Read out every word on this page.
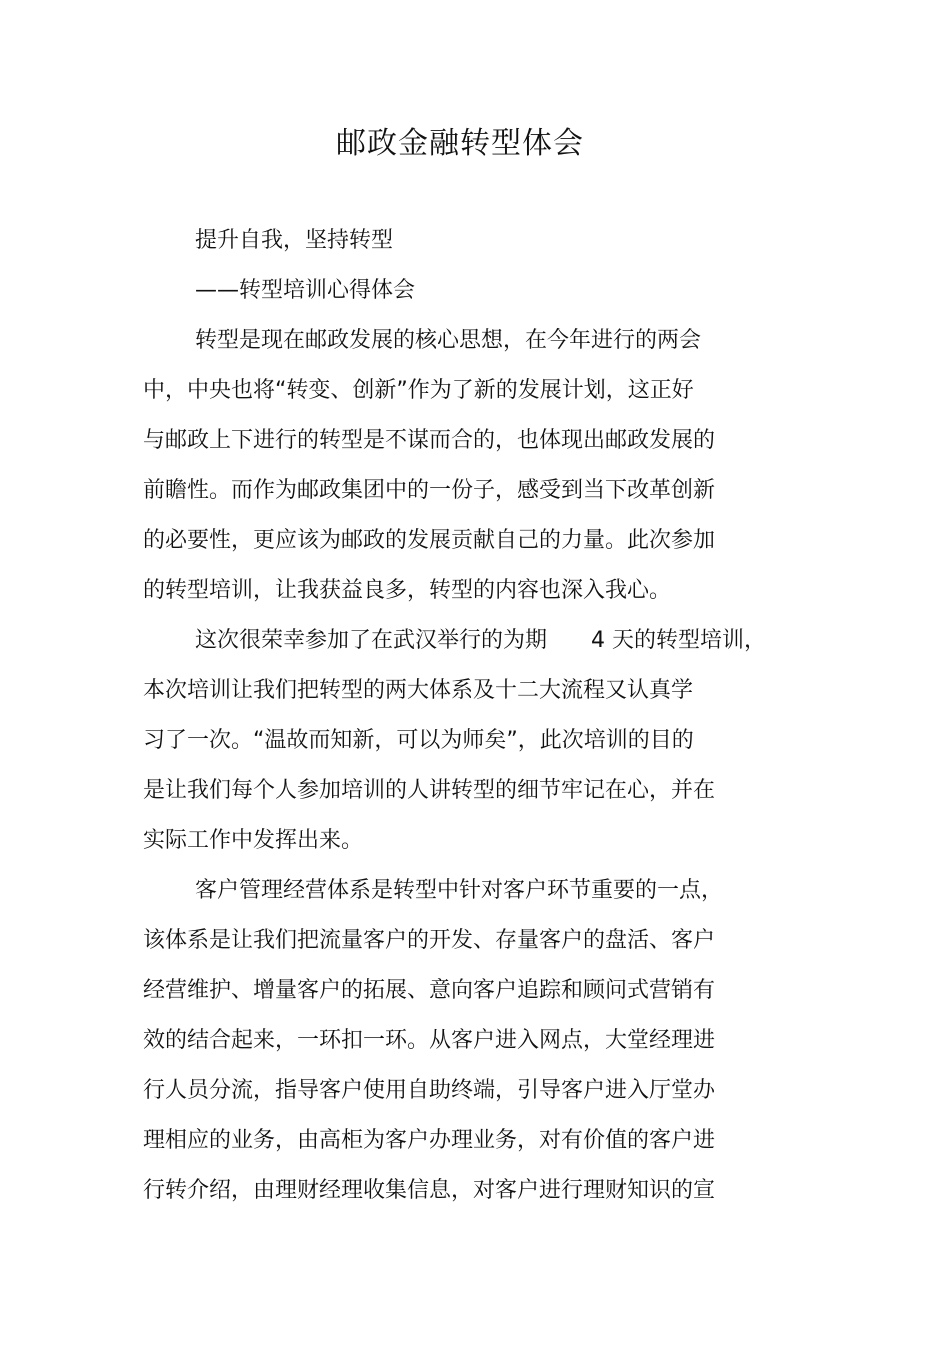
邮政金融转型体会
提升自我，坚持转型
——转型培训心得体会
转型是现在邮政发展的核心思想，在今年进行的两会
中，中央也将“转变、创新”作为了新的发展计划，这正好
与邮政上下进行的转型是不谋而合的，也体现出邮政发展的
前瞻性。而作为邮政集团中的一份子，感受到当下改革创新
的必要性，更应该为邮政的发展贡献自己的力量。此次参加
的转型培训，让我获益良多，转型的内容也深入我心。
这次很荣幸参加了在武汉举行的为期　　4 天的转型培训，
本次培训让我们把转型的两大体系及十二大流程又认真学
习了一次。“温故而知新，可以为师矣”，此次培训的目的
是让我们每个人参加培训的人讲转型的细节牢记在心，并在
实际工作中发挥出来。
客户管理经营体系是转型中针对客户环节重要的一点，
该体系是让我们把流量客户的开发、存量客户的盘活、客户
经营维护、增量客户的拓展、意向客户追踪和顾问式营销有
效的结合起来，一环扣一环。从客户进入网点，大堂经理进
行人员分流，指导客户使用自助终端，引导客户进入厅堂办
理相应的业务，由高柜为客户办理业务，对有价值的客户进
行转介绍，由理财经理收集信息，对客户进行理财知识的宣
